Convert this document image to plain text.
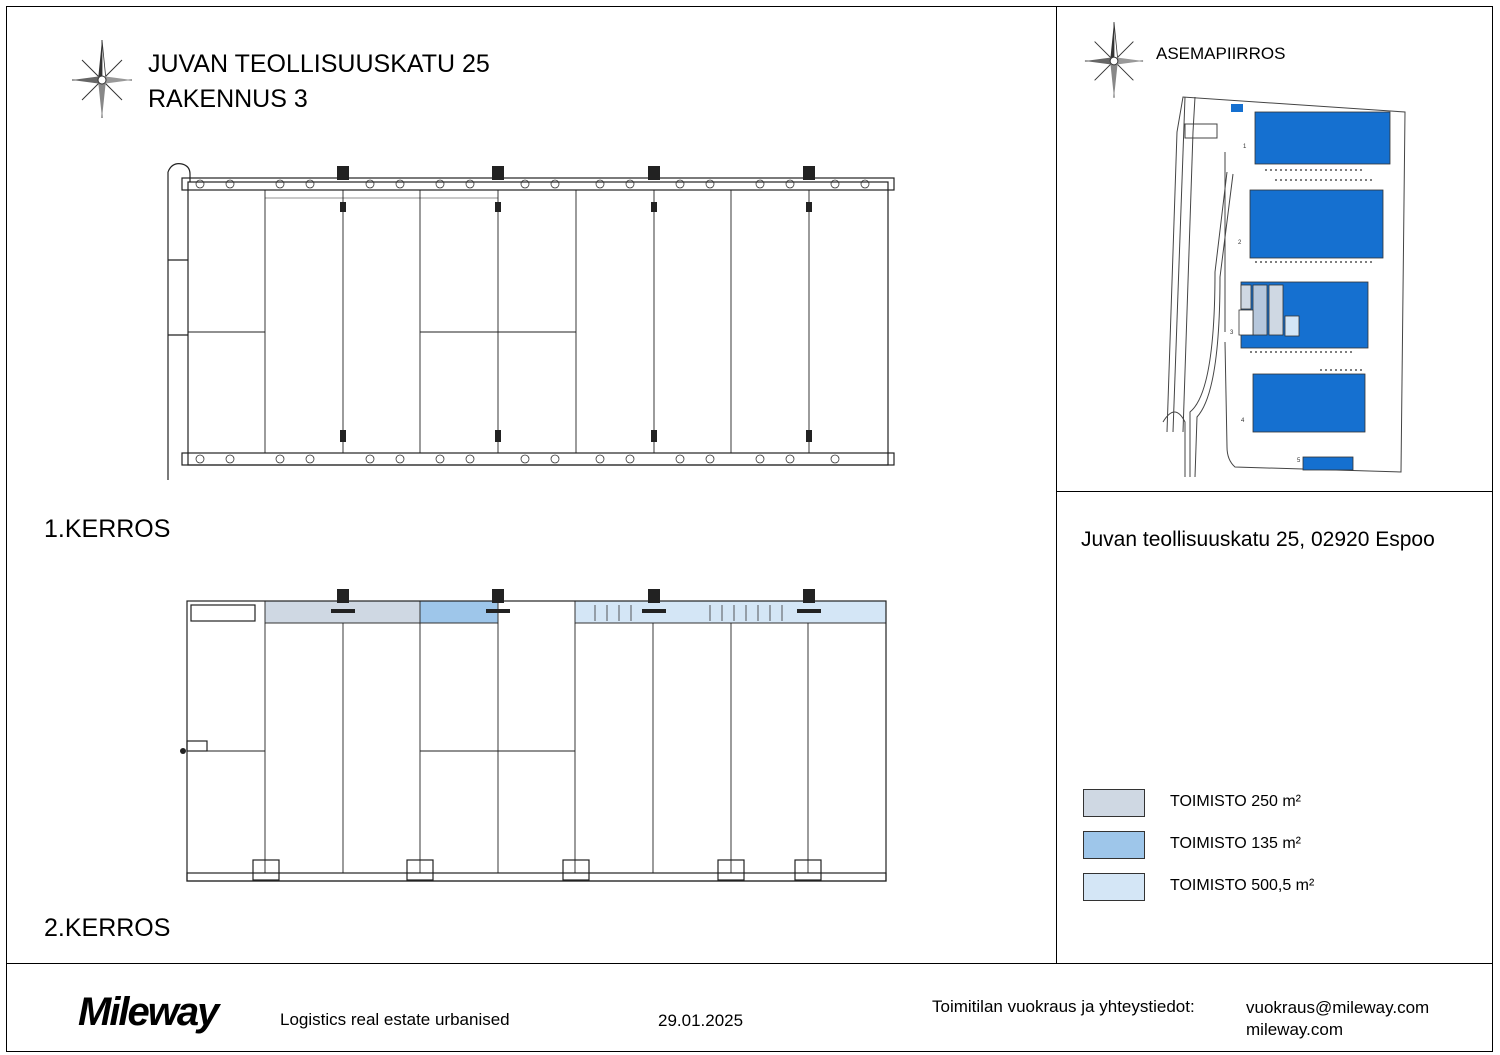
JUVAN TEOLLISUUSKATU 25
RAKENNUS 3
1.KERROS
2.KERROS
ASEMAPIIRROS
1
2
3
4
5
Juvan teollisuuskatu 25, 02920 Espoo
TOIMISTO 250 m²
TOIMISTO 135 m²
TOIMISTO 500,5 m²
Mileway	Logistics real estate urbanised	29.01.2025
Toimitilan vuokraus ja yhteystiedot:	vuokraus@mileway.com
mileway.com
